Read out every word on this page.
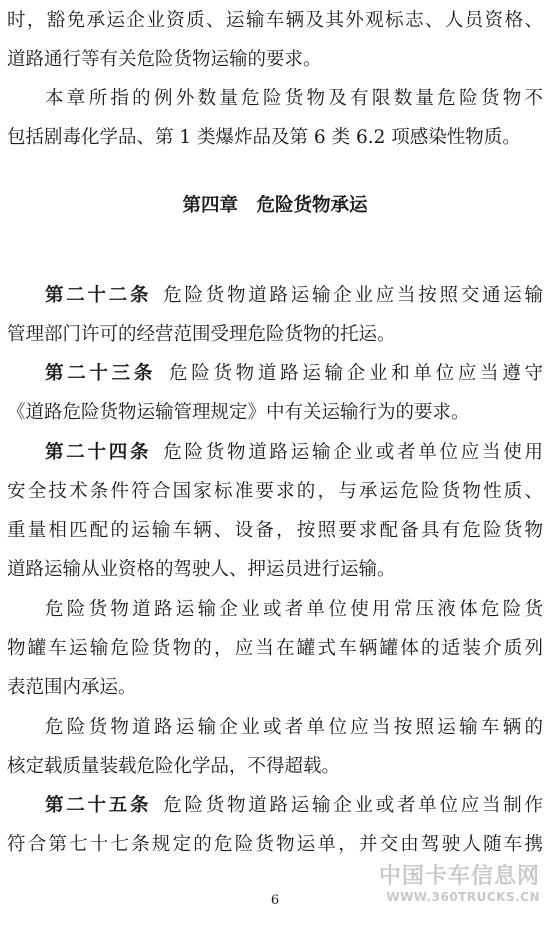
时，豁免承运企业资质、运输车辆及其外观标志、人员资格、
道路通行等有关危险货物运输的要求。
本章所指的例外数量危险货物及有限数量危险货物不
包括剧毒化学品、第 1 类爆炸品及第 6 类 6.2 项感染性物质。
第四章　危险货物承运
第二十二条  危险货物道路运输企业应当按照交通运输
管理部门许可的经营范围受理危险货物的托运。
第二十三条  危险货物道路运输企业和单位应当遵守
《道路危险货物运输管理规定》中有关运输行为的要求。
第二十四条  危险货物道路运输企业或者单位应当使用
安全技术条件符合国家标准要求的，与承运危险货物性质、
重量相匹配的运输车辆、设备，按照要求配备具有危险货物
道路运输从业资格的驾驶人、押运员进行运输。
危险货物道路运输企业或者单位使用常压液体危险货
物罐车运输危险货物的，应当在罐式车辆罐体的适装介质列
表范围内承运。
危险货物道路运输企业或者单位应当按照运输车辆的
核定载质量装载危险化学品，不得超载。
第二十五条  危险货物道路运输企业或者单位应当制作
符合第七十七条规定的危险货物运单，并交由驾驶人随车携
中国卡车信息网
WWW.360TRUCKS.CN
6
